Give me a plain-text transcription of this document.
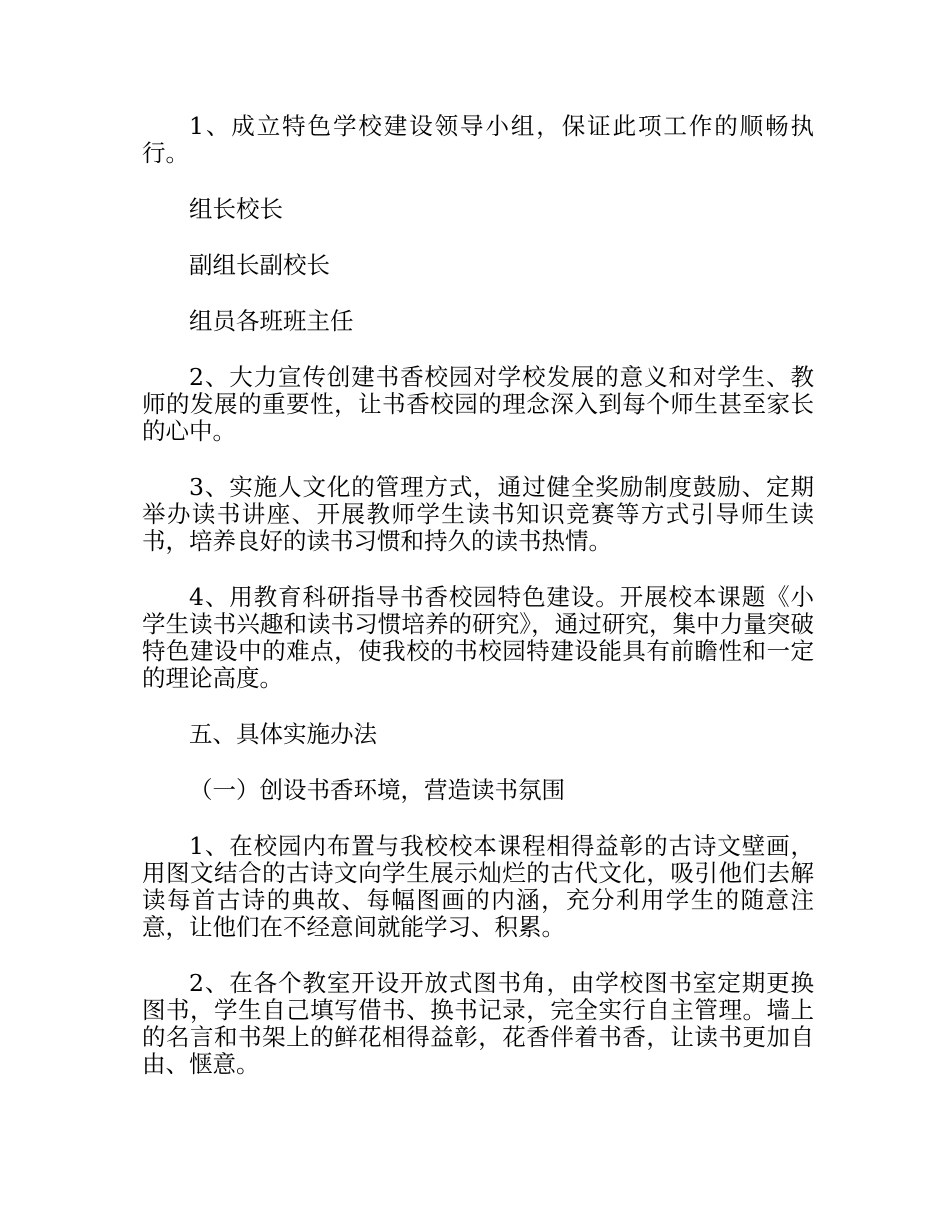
1、成立特色学校建设领导小组，保证此项工作的顺畅执行。

组长校长

副组长副校长

组员各班班主任

2、大力宣传创建书香校园对学校发展的意义和对学生、教师的发展的重要性，让书香校园的理念深入到每个师生甚至家长的心中。

3、实施人文化的管理方式，通过健全奖励制度鼓励、定期举办读书讲座、开展教师学生读书知识竞赛等方式引导师生读书，培养良好的读书习惯和持久的读书热情。

4、用教育科研指导书香校园特色建设。开展校本课题《小学生读书兴趣和读书习惯培养的研究》，通过研究，集中力量突破特色建设中的难点，使我校的书校园特建设能具有前瞻性和一定的理论高度。

五、具体实施办法

（一）创设书香环境，营造读书氛围

1、在校园内布置与我校校本课程相得益彰的古诗文壁画，用图文结合的古诗文向学生展示灿烂的古代文化，吸引他们去解读每首古诗的典故、每幅图画的内涵，充分利用学生的随意注意，让他们在不经意间就能学习、积累。

2、在各个教室开设开放式图书角，由学校图书室定期更换图书，学生自己填写借书、换书记录，完全实行自主管理。墙上的名言和书架上的鲜花相得益彰，花香伴着书香，让读书更加自由、惬意。
